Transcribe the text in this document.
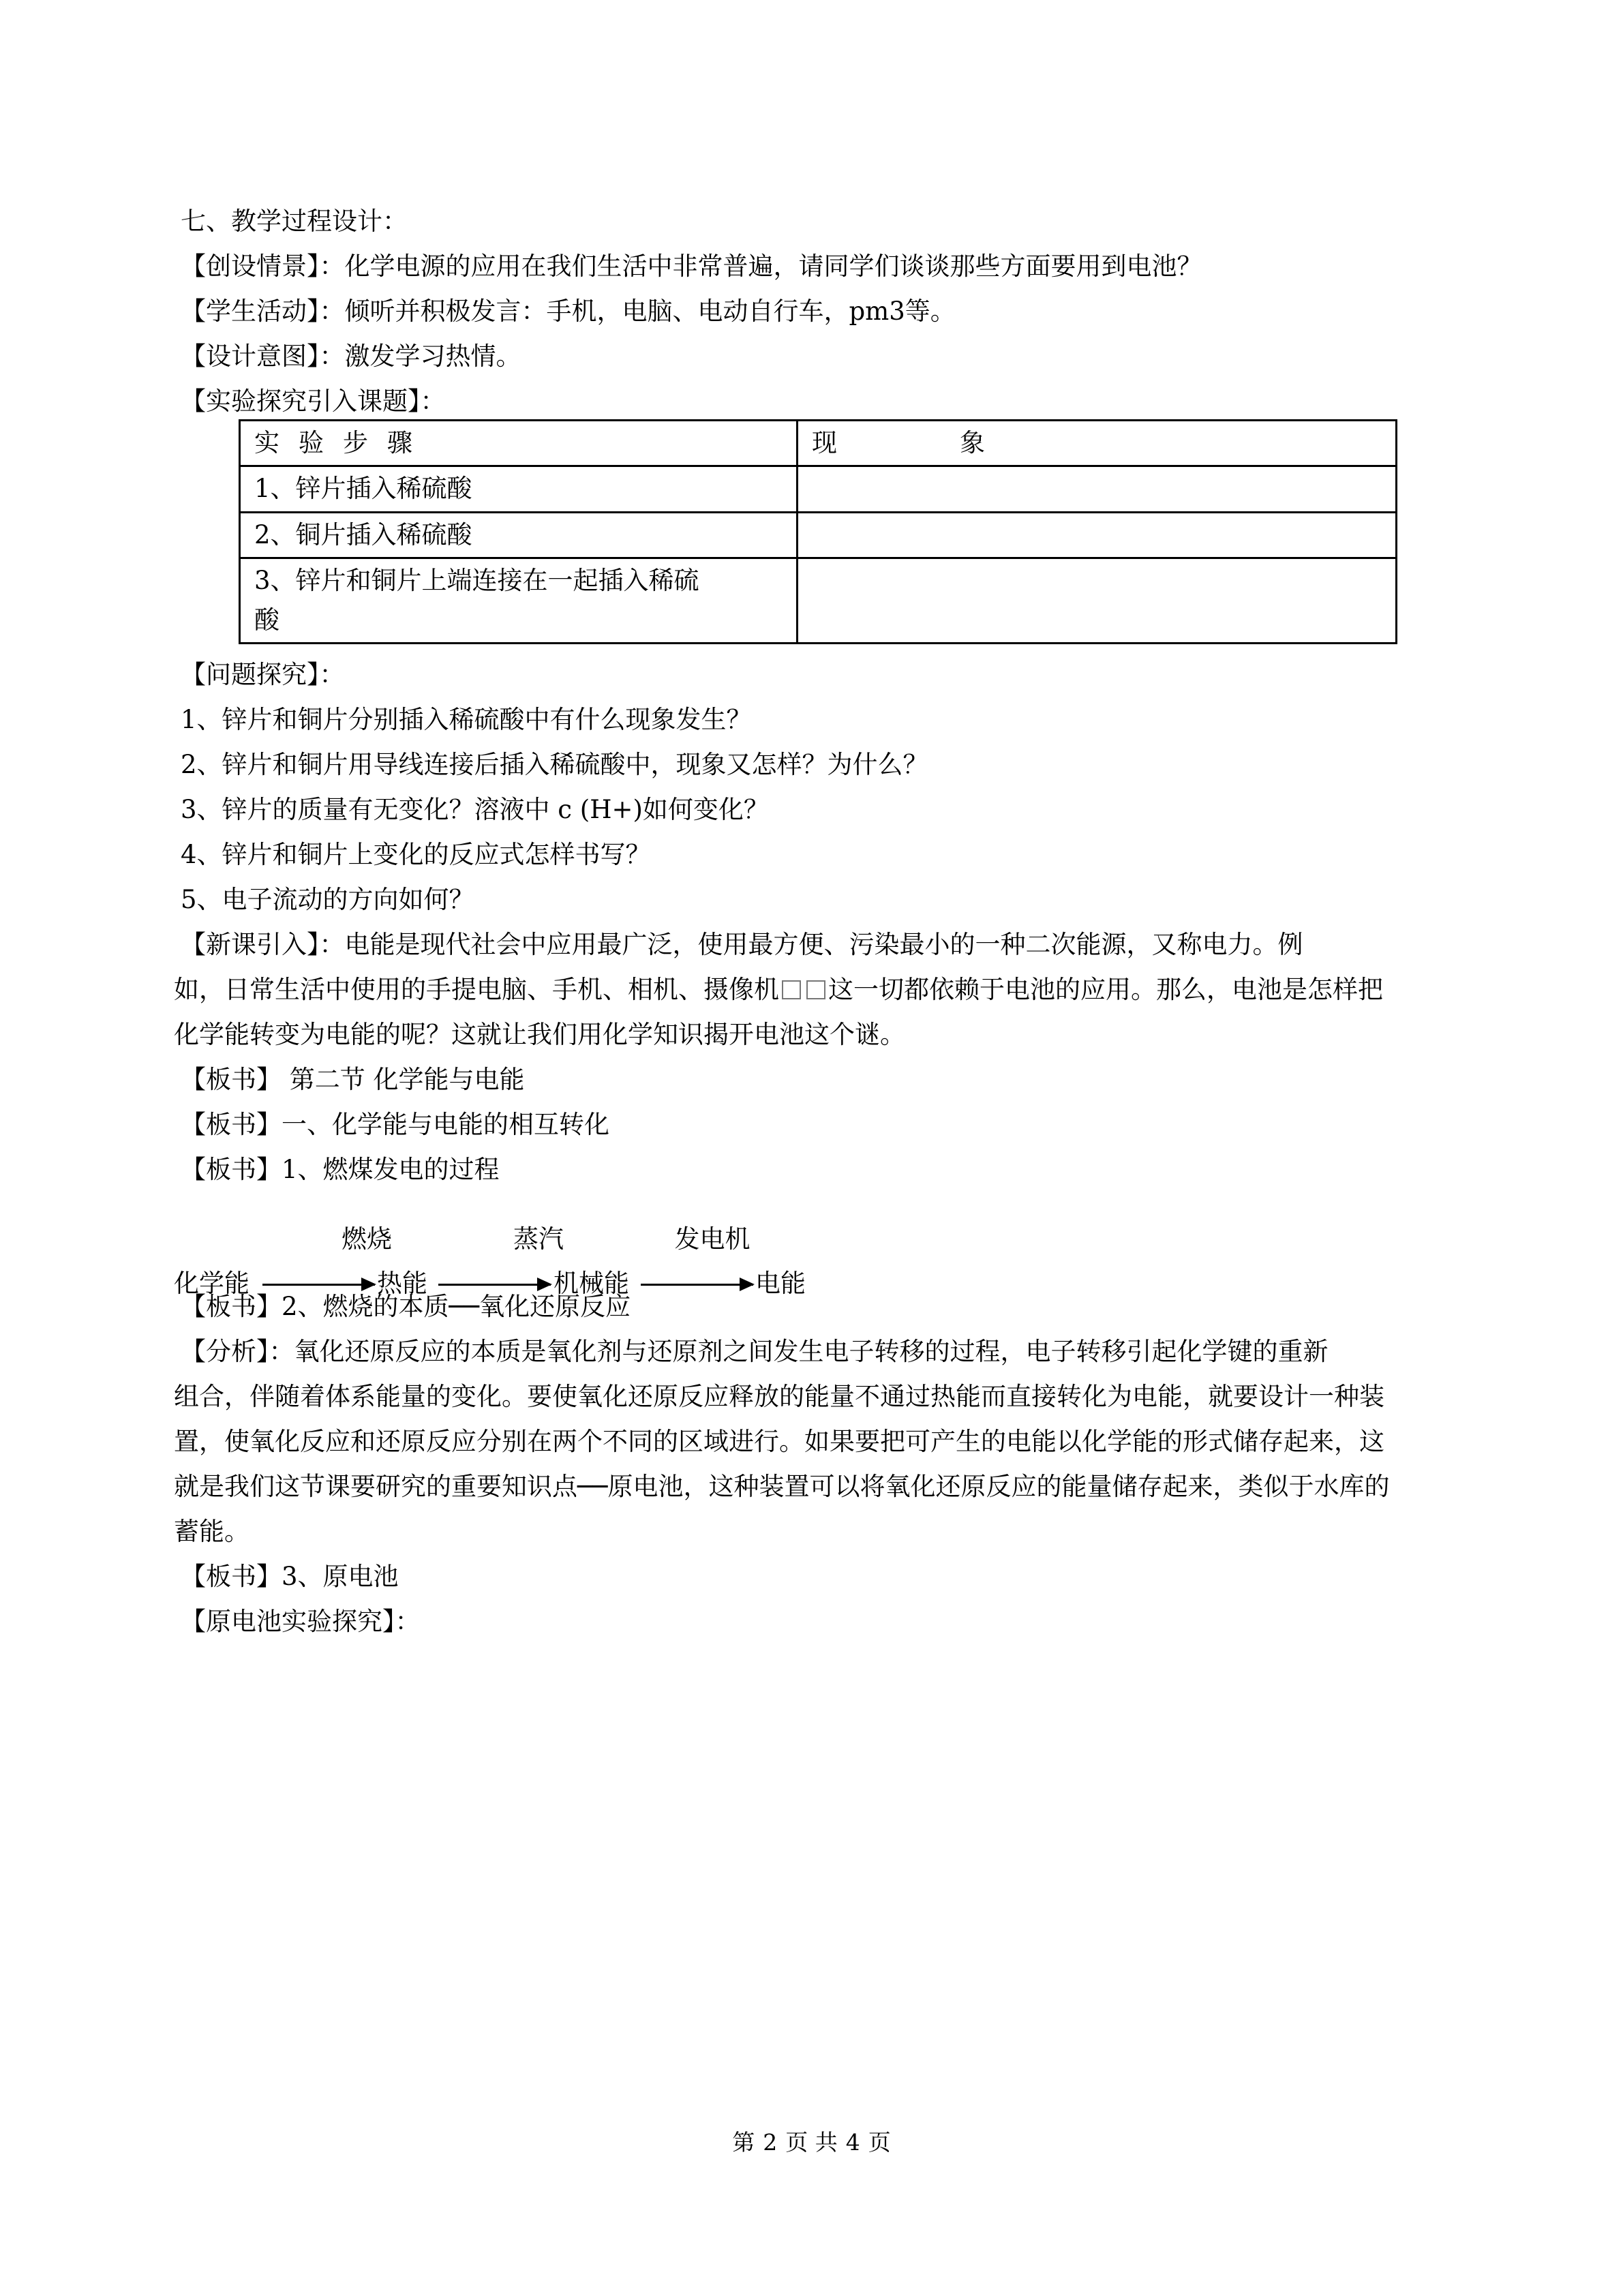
七、教学过程设计：
【创设情景】：化学电源的应用在我们生活中非常普遍，请同学们谈谈那些方面要用到电池？
【学生活动】：倾听并积极发言：手机，电脑、电动自行车，pm3等。
【设计意图】：激发学习热情。
【实验探究引入课题】：
实验步骤	现象
1、锌片插入稀硫酸	
2、铜片插入稀硫酸	

3、锌片和铜片上端连接在一起插入稀硫
酸	

【问题探究】：
1、锌片和铜片分别插入稀硫酸中有什么现象发生？
2、锌片和铜片用导线连接后插入稀硫酸中，现象又怎样？为什么？
3、锌片的质量有无变化？溶液中 c (H+)如何变化？
4、锌片和铜片上变化的反应式怎样书写？
5、电子流动的方向如何？
【新课引入】：电能是现代社会中应用最广泛，使用最方便、污染最小的一种二次能源，又称电力。例
如，日常生活中使用的手提电脑、手机、相机、摄像机 这一切都依赖于电池的应用。那么，电池是怎样把
化学能转变为电能的呢？这就让我们用化学知识揭开电池这个谜。
【板书】 第二节 化学能与电能
【板书】一、化学能与电能的相互转化
【板书】1、燃煤发电的过程
化学能
燃烧
热能
蒸汽
机械能
发电机
电能
【板书】2、燃烧的本质──氧化还原反应
【分析】：氧化还原反应的本质是氧化剂与还原剂之间发生电子转移的过程，电子转移引起化学键的重新
组合，伴随着体系能量的变化。要使氧化还原反应释放的能量不通过热能而直接转化为电能，就要设计一种装
置，使氧化反应和还原反应分别在两个不同的区域进行。如果要把可产生的电能以化学能的形式储存起来，这
就是我们这节课要研究的重要知识点──原电池，这种装置可以将氧化还原反应的能量储存起来，类似于水库的
蓄能。
【板书】3、原电池
【原电池实验探究】：
第 2 页 共 4 页
